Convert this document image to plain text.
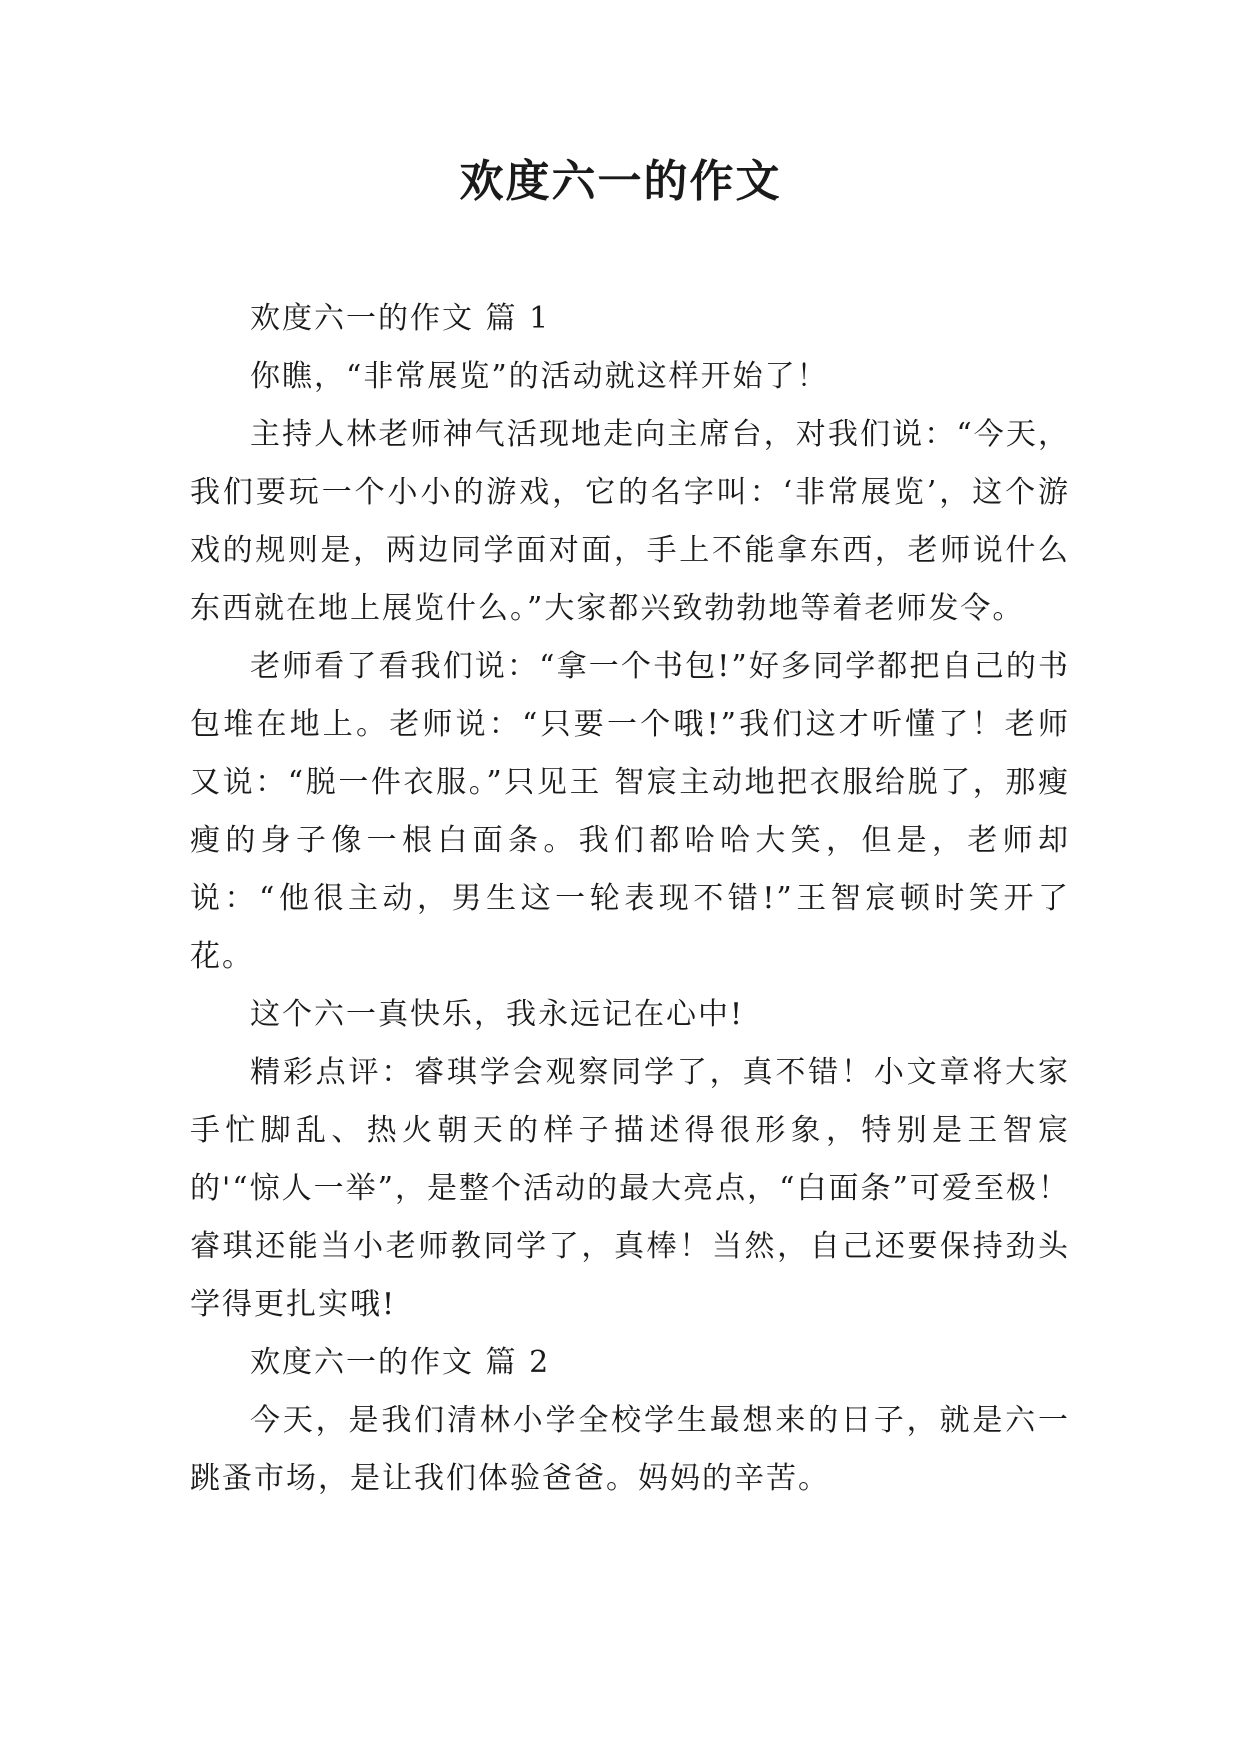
欢度六一的作文

欢度六一的作文 篇 1

你瞧，“非常展览”的活动就这样开始了！

主持人林老师神气活现地走向主席台，对我们说：“今天，我们要玩一个小小的游戏，它的名字叫：‘非常展览’，这个游戏的规则是，两边同学面对面，手上不能拿东西，老师说什么东西就在地上展览什么。”大家都兴致勃勃地等着老师发令。

老师看了看我们说：“拿一个书包!”好多同学都把自己的书包堆在地上。老师说：“只要一个哦!”我们这才听懂了！老师又说：“脱一件衣服。”只见王 智宸主动地把衣服给脱了，那瘦瘦的身子像一根白面条。我们都哈哈大笑，但是，老师却说：“他很主动，男生这一轮表现不错!”王智宸顿时笑开了花。

这个六一真快乐，我永远记在心中!

精彩点评：睿琪学会观察同学了，真不错！小文章将大家手忙脚乱、热火朝天的样子描述得很形象，特别是王智宸的'“惊人一举”，是整个活动的最大亮点，“白面条”可爱至极！睿琪还能当小老师教同学了，真棒！当然，自己还要保持劲头学得更扎实哦!

欢度六一的作文 篇 2

今天，是我们清林小学全校学生最想来的日子，就是六一跳蚤市场，是让我们体验爸爸。妈妈的辛苦。
